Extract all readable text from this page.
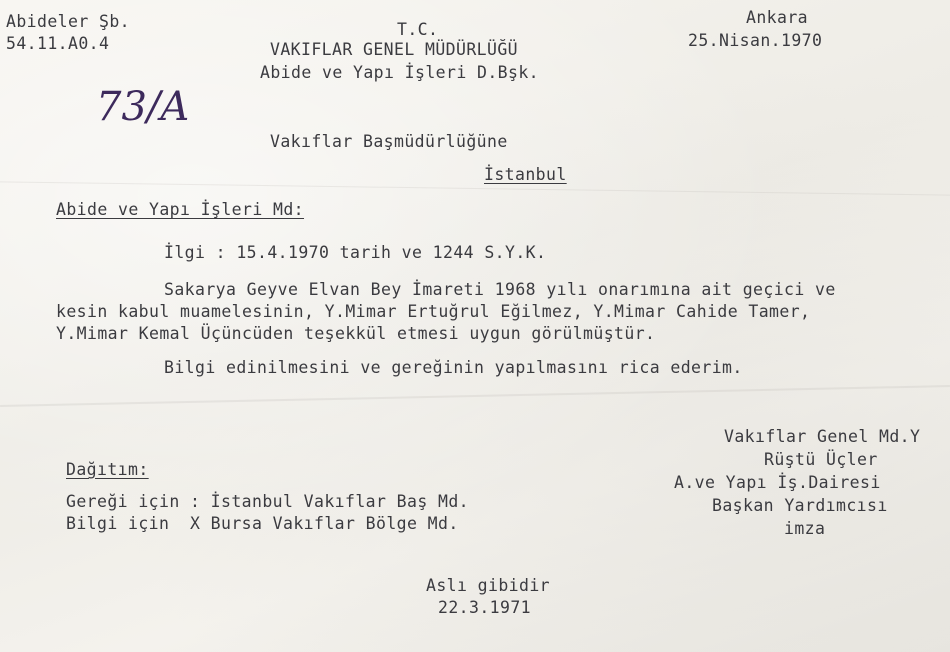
Abideler Şb.
54.11.A0.4
73/A
T.C.
VAKIFLAR GENEL MÜDÜRLÜĞÜ
Abide ve Yapı İşleri D.Bşk.
Ankara
25.Nisan.1970
Vakıflar Başmüdürlüğüne
İstanbul
Abide ve Yapı İşleri Md:
İlgi : 15.4.1970 tarih ve 1244 S.Y.K.
Sakarya Geyve Elvan Bey İmareti 1968 yılı onarımına ait geçici ve
kesin kabul muamelesinin, Y.Mimar Ertuğrul Eğilmez, Y.Mimar Cahide Tamer,
Y.Mimar Kemal Üçüncüden teşekkül etmesi uygun görülmüştür.
Bilgi edinilmesini ve gereğinin yapılmasını rica ederim.
Vakıflar Genel Md.Y
Rüştü Üçler
A.ve Yapı İş.Dairesi
Başkan Yardımcısı
imza
Dağıtım:
Gereği için : İstanbul Vakıflar Baş Md.
Bilgi için  X Bursa Vakıflar Bölge Md.
Aslı gibidir
22.3.1971
